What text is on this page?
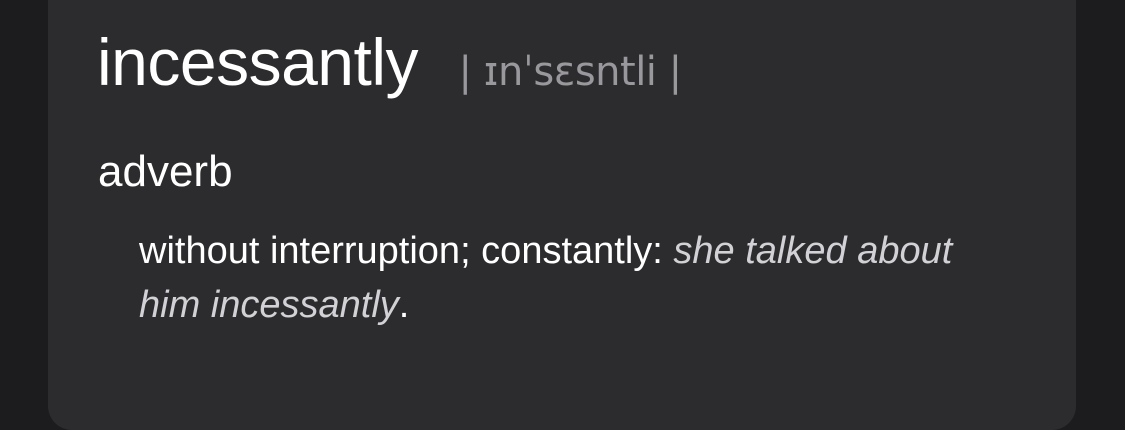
incessantly | ɪnˈsɛsntli |
adverb
without interruption; constantly: she talked about him incessantly.
